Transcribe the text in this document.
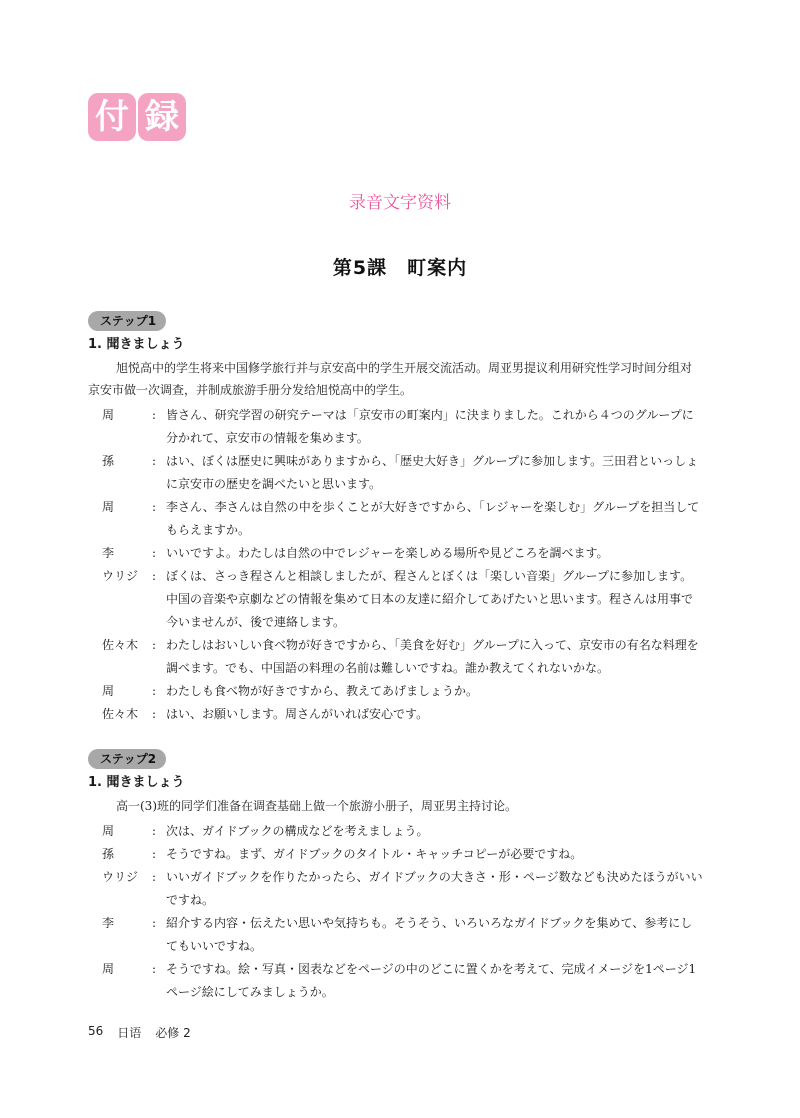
付 録
录音文字资料
第5課　町案内
ステップ1
1. 聞きましょう
旭悦高中的学生将来中国修学旅行并与京安高中的学生开展交流活动。周亚男提议利用研究性学习时间分组对京安市做一次调查，并制成旅游手册分发给旭悦高中的学生。
周	: 皆さん、研究学習の研究テーマは「京安市の町案内」に決まりました。これから４つのグループに分かれて、京安市の情報を集めます。
孫	: はい、ぼくは歴史に興味がありますから、「歴史大好き」グループに参加します。三田君といっしょに京安市の歴史を調べたいと思います。
周	: 李さん、李さんは自然の中を歩くことが大好きですから、「レジャーを楽しむ」グループを担当してもらえますか。
李	: いいですよ。わたしは自然の中でレジャーを楽しめる場所や見どころを調べます。
ウリジ	: ぼくは、さっき程さんと相談しましたが、程さんとぼくは「楽しい音楽」グループに参加します。中国の音楽や京劇などの情報を集めて日本の友達に紹介してあげたいと思います。程さんは用事で今いませんが、後で連絡します。
佐々木	: わたしはおいしい食べ物が好きですから、「美食を好む」グループに入って、京安市の有名な料理を調べます。でも、中国語の料理の名前は難しいですね。誰か教えてくれないかな。
周	: わたしも食べ物が好きですから、教えてあげましょうか。
佐々木	: はい、お願いします。周さんがいれば安心です。
ステップ2
1. 聞きましょう
高一(3)班的同学们准备在调查基础上做一个旅游小册子，周亚男主持讨论。
周	: 次は、ガイドブックの構成などを考えましょう。
孫	: そうですね。まず、ガイドブックのタイトル・キャッチコピーが必要ですね。
ウリジ	: いいガイドブックを作りたかったら、ガイドブックの大きさ・形・ページ数なども決めたほうがいいですね。
李	: 紹介する内容・伝えたい思いや気持ちも。そうそう、いろいろなガイドブックを集めて、参考にしてもいいですね。
周	: そうですね。絵・写真・図表などをページの中のどこに置くかを考えて、完成イメージを1ページ1ページ絵にしてみましょうか。
56 日语 必修 2
